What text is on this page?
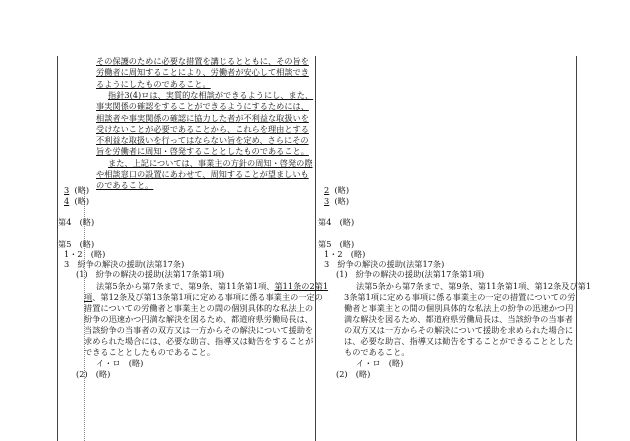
その保護のために必要な措置を講じるとともに、その旨を
労働者に周知することにより、労働者が安心して相談でき
るようにしたものであること。
指針3(4)ロは、実質的な相談ができるようにし、また、
事実関係の確認をすることができるようにするためには、
相談者や事実関係の確認に協力した者が不利益な取扱いを
受けないことが必要であることから、これらを理由とする
不利益な取扱いを行ってはならない旨を定め、さらにその
旨を労働者に周知・啓発することとしたものであること。
また、上記については、事業主の方針の周知・啓発の際
や相談窓口の設置にあわせて、周知することが望ましいも
のであること。
3 (略)
4 (略)
第4　(略)
第5　(略)
1・2　(略)
3　紛争の解決の援助(法第17条)
(1)　紛争の解決の援助(法第17条第1項)
法第5条から第7条まで、第9条、第11条第1項、第11条の2第1
項、第12条及び第13条第1項に定める事項に係る事業主の一定の
措置についての労働者と事業主との間の個別具体的な私法上の
紛争の迅速かつ円満な解決を図るため、都道府県労働局長は、
当該紛争の当事者の双方又は一方からその解決について援助を
求められた場合には、必要な助言、指導又は勧告をすることが
できることとしたものであること。
イ・ロ　(略)
(2)　(略)
2 (略)
3 (略)
第4　(略)
第5　(略)
1・2　(略)
3　紛争の解決の援助(法第17条)
(1)　紛争の解決の援助(法第17条第1項)
法第5条から第7条まで、第9条、第11条第1項、第12条及び第1
3条第1項に定める事項に係る事業主の一定の措置についての労
働者と事業主との間の個別具体的な私法上の紛争の迅速かつ円
満な解決を図るため、都道府県労働局長は、当該紛争の当事者
の双方又は一方からその解決について援助を求められた場合に
は、必要な助言、指導又は勧告をすることができることとした
ものであること。
イ・ロ　(略)
(2)　(略)
